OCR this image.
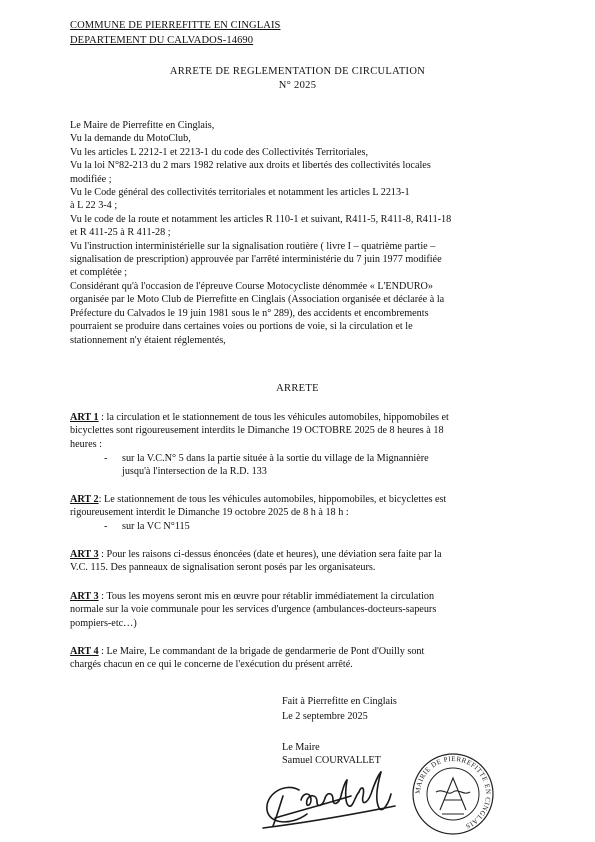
COMMUNE DE PIERREFITTE EN CINGLAIS
DEPARTEMENT DU CALVADOS-14690
ARRETE DE REGLEMENTATION DE CIRCULATION
N° 2025

Le Maire de Pierrefitte en Cinglais,

Vu la demande du MotoClub,

Vu les articles L 2212-1 et 2213-1 du code des Collectivités Territoriales,

Vu la loi N°82-213 du 2 mars 1982 relative aux droits et libertés des collectivités locales

modifiée ;

Vu le Code général des collectivités territoriales et notamment les articles L 2213-1

à L 22 3-4 ;

Vu le code de la route et notamment les articles R 110-1 et suivant, R411-5, R411-8, R411-18

et R 411-25 à R 411-28 ;

Vu l'instruction interministérielle sur la signalisation routière ( livre I – quatrième partie –

signalisation de prescription) approuvée par l'arrêté interministérie du 7 juin 1977 modifiée

et complétée ;

Considérant qu'à l'occasion de l'épreuve Course Motocycliste dénommée « L'ENDURO»

organisée par le Moto Club de Pierrefitte en Cinglais (Association organisée et déclarée à la

Préfecture du Calvados le 19 juin 1981 sous le n° 289), des accidents et encombrements

pourraient se produire dans certaines voies ou portions de voie, si la circulation et le

stationnement n'y étaient réglementés,

ARRETE
ART 1 : la circulation et le stationnement de tous les véhicules automobiles, hippomobiles et
bicyclettes sont rigoureusement interdits le Dimanche 19 OCTOBRE 2025 de 8 heures à 18
heures :
- sur la V.C.N° 5 dans la partie située à la sortie du village de la Mignannière
jusqu'à l'intersection de la R.D. 133
ART 2: Le stationnement de tous les véhicules automobiles, hippomobiles, et bicyclettes est
rigoureusement interdit le Dimanche 19 octobre 2025 de 8 h à 18 h :
- sur la VC N°115
ART 3 : Pour les raisons ci-dessus énoncées (date et heures), une déviation sera faite par la
V.C. 115. Des panneaux de signalisation seront posés par les organisateurs.
ART 3 : Tous les moyens seront mis en œuvre pour rétablir immédiatement la circulation
normale sur la voie communale pour les services d'urgence (ambulances-docteurs-sapeurs
pompiers-etc…)
ART 4 : Le Maire, Le commandant de la brigade de gendarmerie de Pont d'Ouilly sont
chargés chacun en ce qui le concerne de l'exécution du présent arrêté.
Fait à Pierrefitte en Cinglais
Le 2 septembre 2025
Le Maire
Samuel COURVALLET
MAIRIE DE PIERREFITTE EN CINGLAIS
